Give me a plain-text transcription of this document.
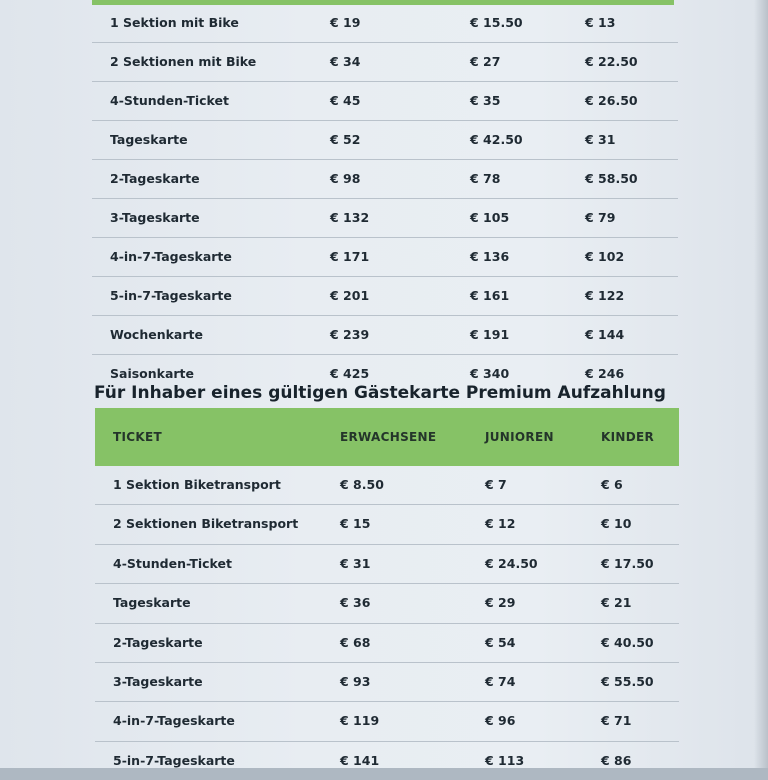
1 Sektion mit Bike	€ 19	€ 15.50	€ 13
2 Sektionen mit Bike	€ 34	€ 27	€ 22.50
4-Stunden-Ticket	€ 45	€ 35	€ 26.50
Tageskarte	€ 52	€ 42.50	€ 31
2-Tageskarte	€ 98	€ 78	€ 58.50
3-Tageskarte	€ 132	€ 105	€ 79
4-in-7-Tageskarte	€ 171	€ 136	€ 102
5-in-7-Tageskarte	€ 201	€ 161	€ 122
Wochenkarte	€ 239	€ 191	€ 144
Saisonkarte	€ 425	€ 340	€ 246
Für Inhaber eines gültigen Gästekarte Premium Aufzahlung
TICKET	ERWACHSENE	JUNIOREN	KINDER
1 Sektion Biketransport	€ 8.50	€ 7	€ 6
2 Sektionen Biketransport	€ 15	€ 12	€ 10
4-Stunden-Ticket	€ 31	€ 24.50	€ 17.50
Tageskarte	€ 36	€ 29	€ 21
2-Tageskarte	€ 68	€ 54	€ 40.50
3-Tageskarte	€ 93	€ 74	€ 55.50
4-in-7-Tageskarte	€ 119	€ 96	€ 71
5-in-7-Tageskarte	€ 141	€ 113	€ 86
